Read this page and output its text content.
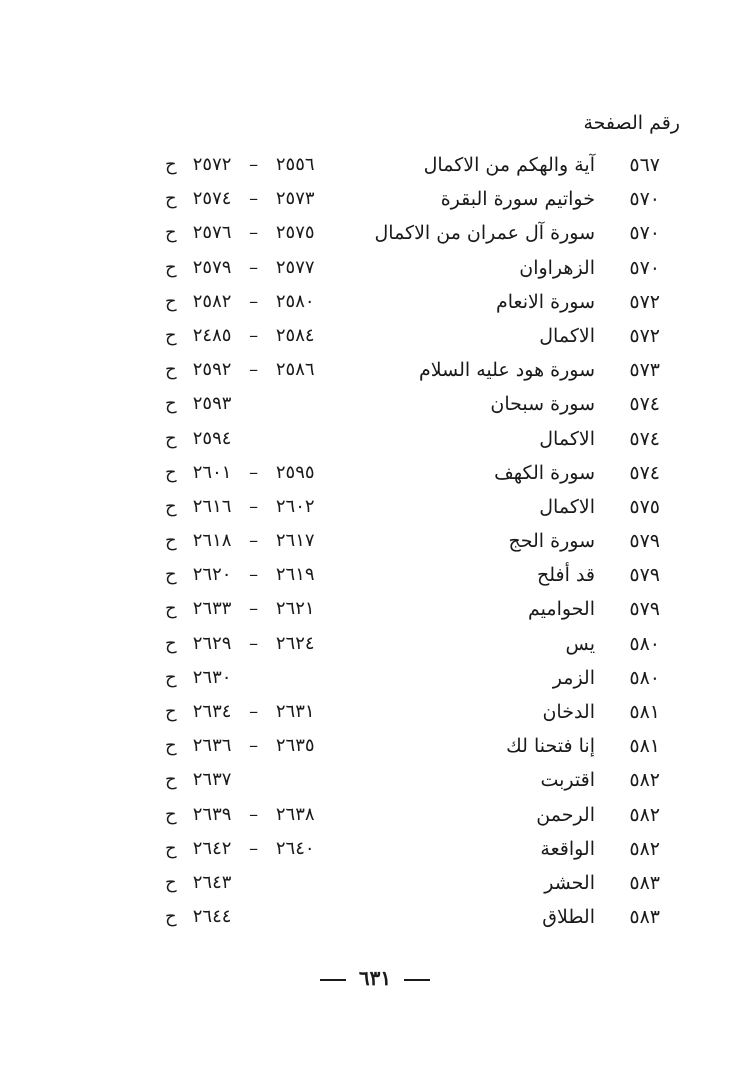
رقم الصفحة
٥٦٧
آية والهكم من الاكمال
ح ٢٥٧٢ – ٢٥٥٦
٥٧٠
خواتيم سورة البقرة
ح ٢٥٧٤ – ٢٥٧٣
٥٧٠
سورة آل عمران من الاكمال
ح ٢٥٧٦ – ٢٥٧٥
٥٧٠
الزهراوان
ح ٢٥٧٩ – ٢٥٧٧
٥٧٢
سورة الانعام
ح ٢٥٨٢ – ٢٥٨٠
٥٧٢
الاكمال
ح ٢٤٨٥ – ٢٥٨٤
٥٧٣
سورة هود عليه السلام
ح ٢٥٩٢ – ٢٥٨٦
٥٧٤
سورة سبحان
ح ٢٥٩٣
٥٧٤
الاكمال
ح ٢٥٩٤
٥٧٤
سورة الكهف
ح ٢٦٠١ – ٢٥٩٥
٥٧٥
الاكمال
ح ٢٦١٦ – ٢٦٠٢
٥٧٩
سورة الحج
ح ٢٦١٨ – ٢٦١٧
٥٧٩
قد أفلح
ح ٢٦٢٠ – ٢٦١٩
٥٧٩
الحواميم
ح ٢٦٣٣ – ٢٦٢١
٥٨٠
يس
ح ٢٦٢٩ – ٢٦٢٤
٥٨٠
الزمر
ح ٢٦٣٠
٥٨١
الدخان
ح ٢٦٣٤ – ٢٦٣١
٥٨١
إنا فتحنا لك
ح ٢٦٣٦ – ٢٦٣٥
٥٨٢
اقتربت
ح ٢٦٣٧
٥٨٢
الرحمن
ح ٢٦٣٩ – ٢٦٣٨
٥٨٢
الواقعة
ح ٢٦٤٢ – ٢٦٤٠
٥٨٣
الحشر
ح ٢٦٤٣
٥٨٣
الطلاق
ح ٢٦٤٤
٦٣١
